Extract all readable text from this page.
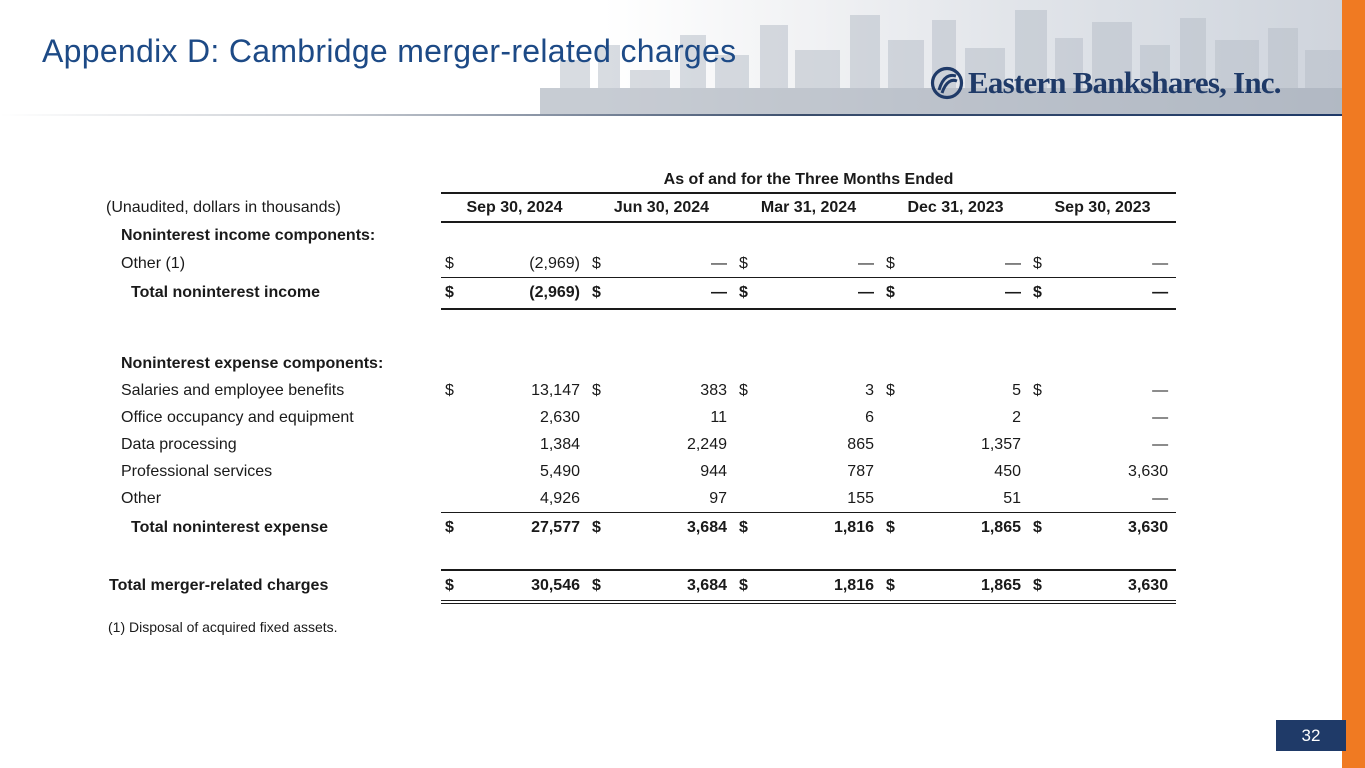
Appendix D: Cambridge merger-related charges
Eastern Bankshares, Inc.
	As of and for the Three Months Ended									
(Unaudited, dollars in thousands)	Sep 30, 2024		Jun 30, 2024		Mar 31, 2024		Dec 31, 2023		Sep 30, 2023	
Noninterest income components:										
Other (1)	$	(2,969)	$	—	$	—	$	—	$	—
Total noninterest income	$	(2,969)	$	—	$	—	$	—	$	—

Noninterest expense components:										
Salaries and employee benefits	$	13,147	$	383	$	3	$	5	$	—
Office occupancy and equipment		2,630		11		6		2		—
Data processing		1,384		2,249		865		1,357		—
Professional services		5,490		944		787		450		3,630
Other		4,926		97		155		51		—
Total noninterest expense	$	27,577	$	3,684	$	1,816	$	1,865	$	3,630

Total merger-related charges	$	30,546	$	3,684	$	1,816	$	1,865	$	3,630
(1) Disposal of acquired fixed assets.
32
